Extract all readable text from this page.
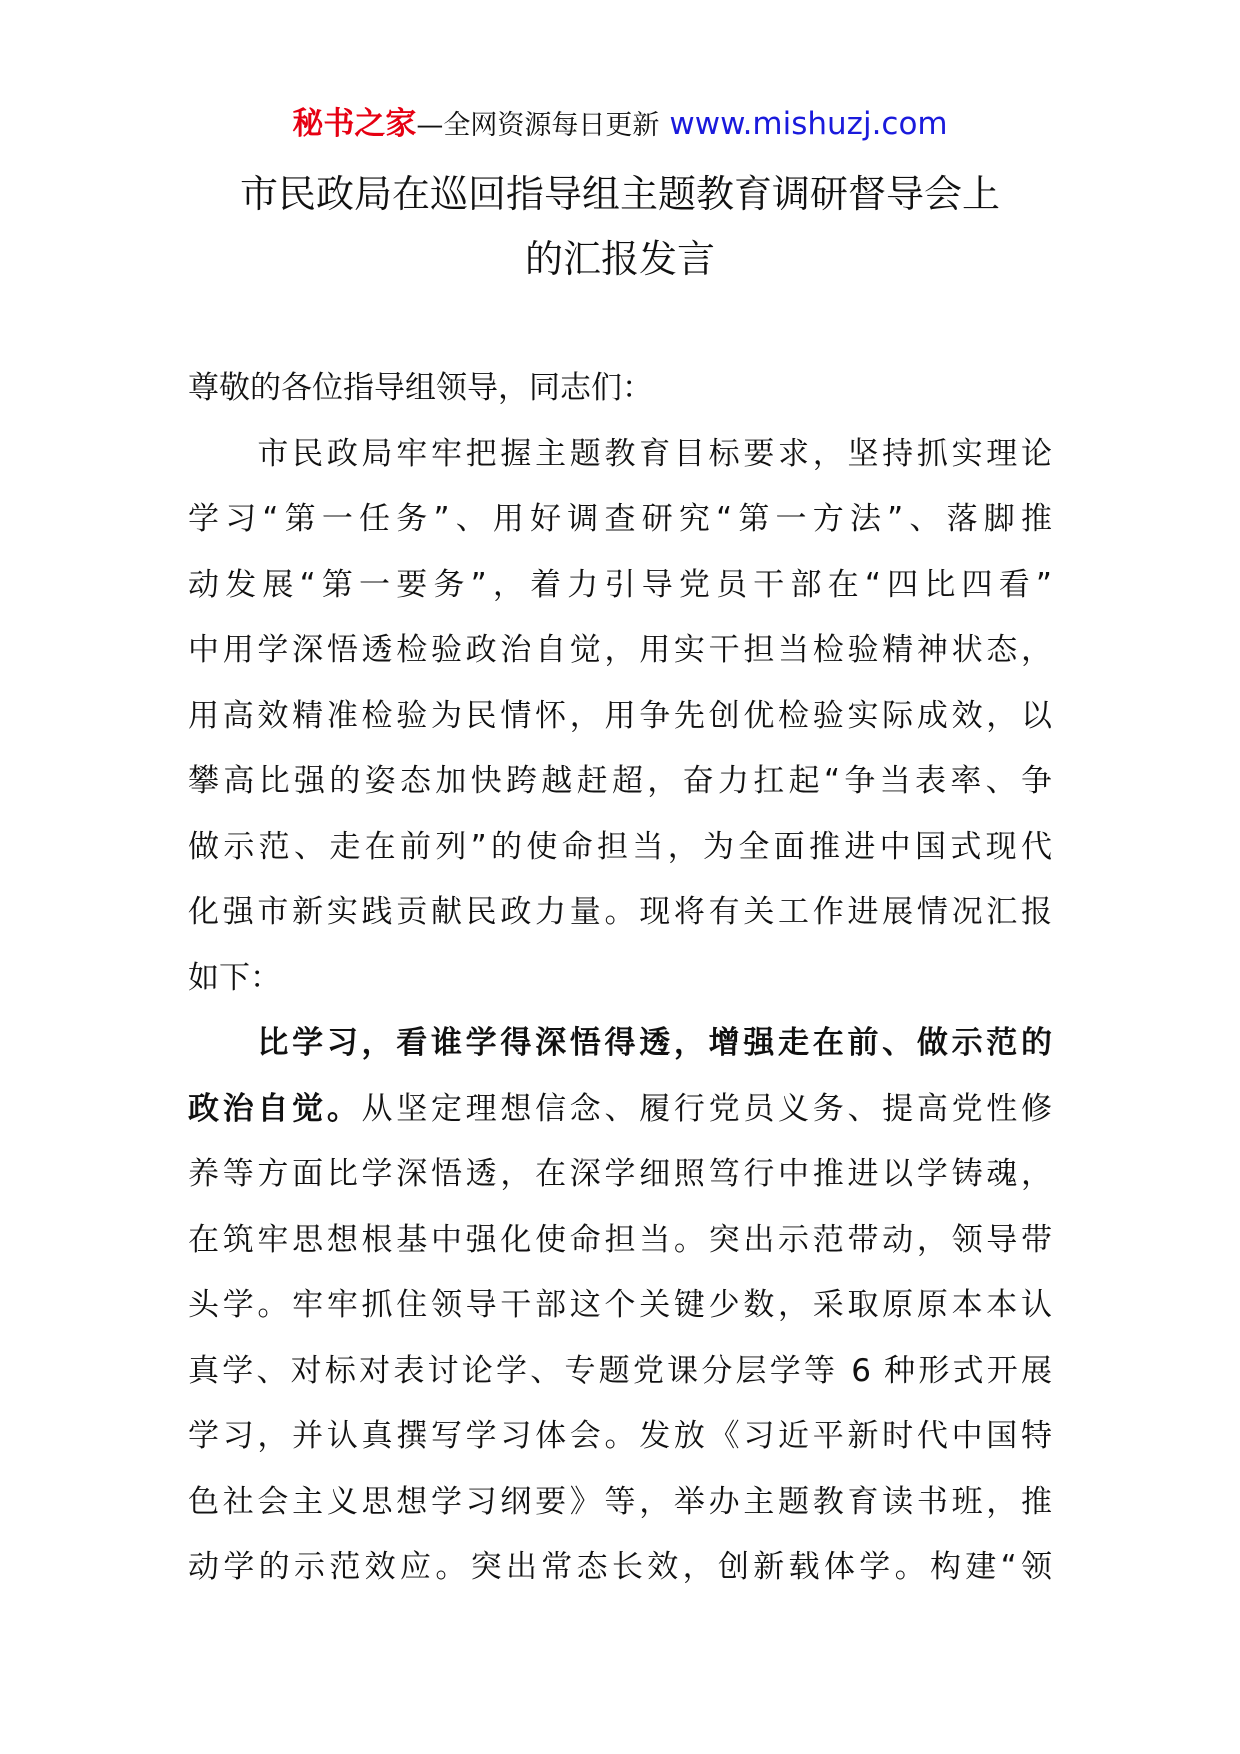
秘书之家—全网资源每日更新 www.mishuzj.com
市民政局在巡回指导组主题教育调研督导会上
的汇报发言
尊敬的各位指导组领导，同志们：
　　市民政局牢牢把握主题教育目标要求，坚持抓实理论
学习“第一任务”、用好调查研究“第一方法”、落脚推
动发展“第一要务”，着力引导党员干部在“四比四看”
中用学深悟透检验政治自觉，用实干担当检验精神状态，
用高效精准检验为民情怀，用争先创优检验实际成效，以
攀高比强的姿态加快跨越赶超，奋力扛起“争当表率、争
做示范、走在前列”的使命担当，为全面推进中国式现代
化强市新实践贡献民政力量。现将有关工作进展情况汇报
如下：
　　比学习，看谁学得深悟得透，增强走在前、做示范的
政治自觉。从坚定理想信念、履行党员义务、提高党性修
养等方面比学深悟透，在深学细照笃行中推进以学铸魂，
在筑牢思想根基中强化使命担当。突出示范带动，领导带
头学。牢牢抓住领导干部这个关键少数，采取原原本本认
真学、对标对表讨论学、专题党课分层学等 6 种形式开展
学习，并认真撰写学习体会。发放《习近平新时代中国特
色社会主义思想学习纲要》等，举办主题教育读书班，推
动学的示范效应。突出常态长效，创新载体学。构建“领
